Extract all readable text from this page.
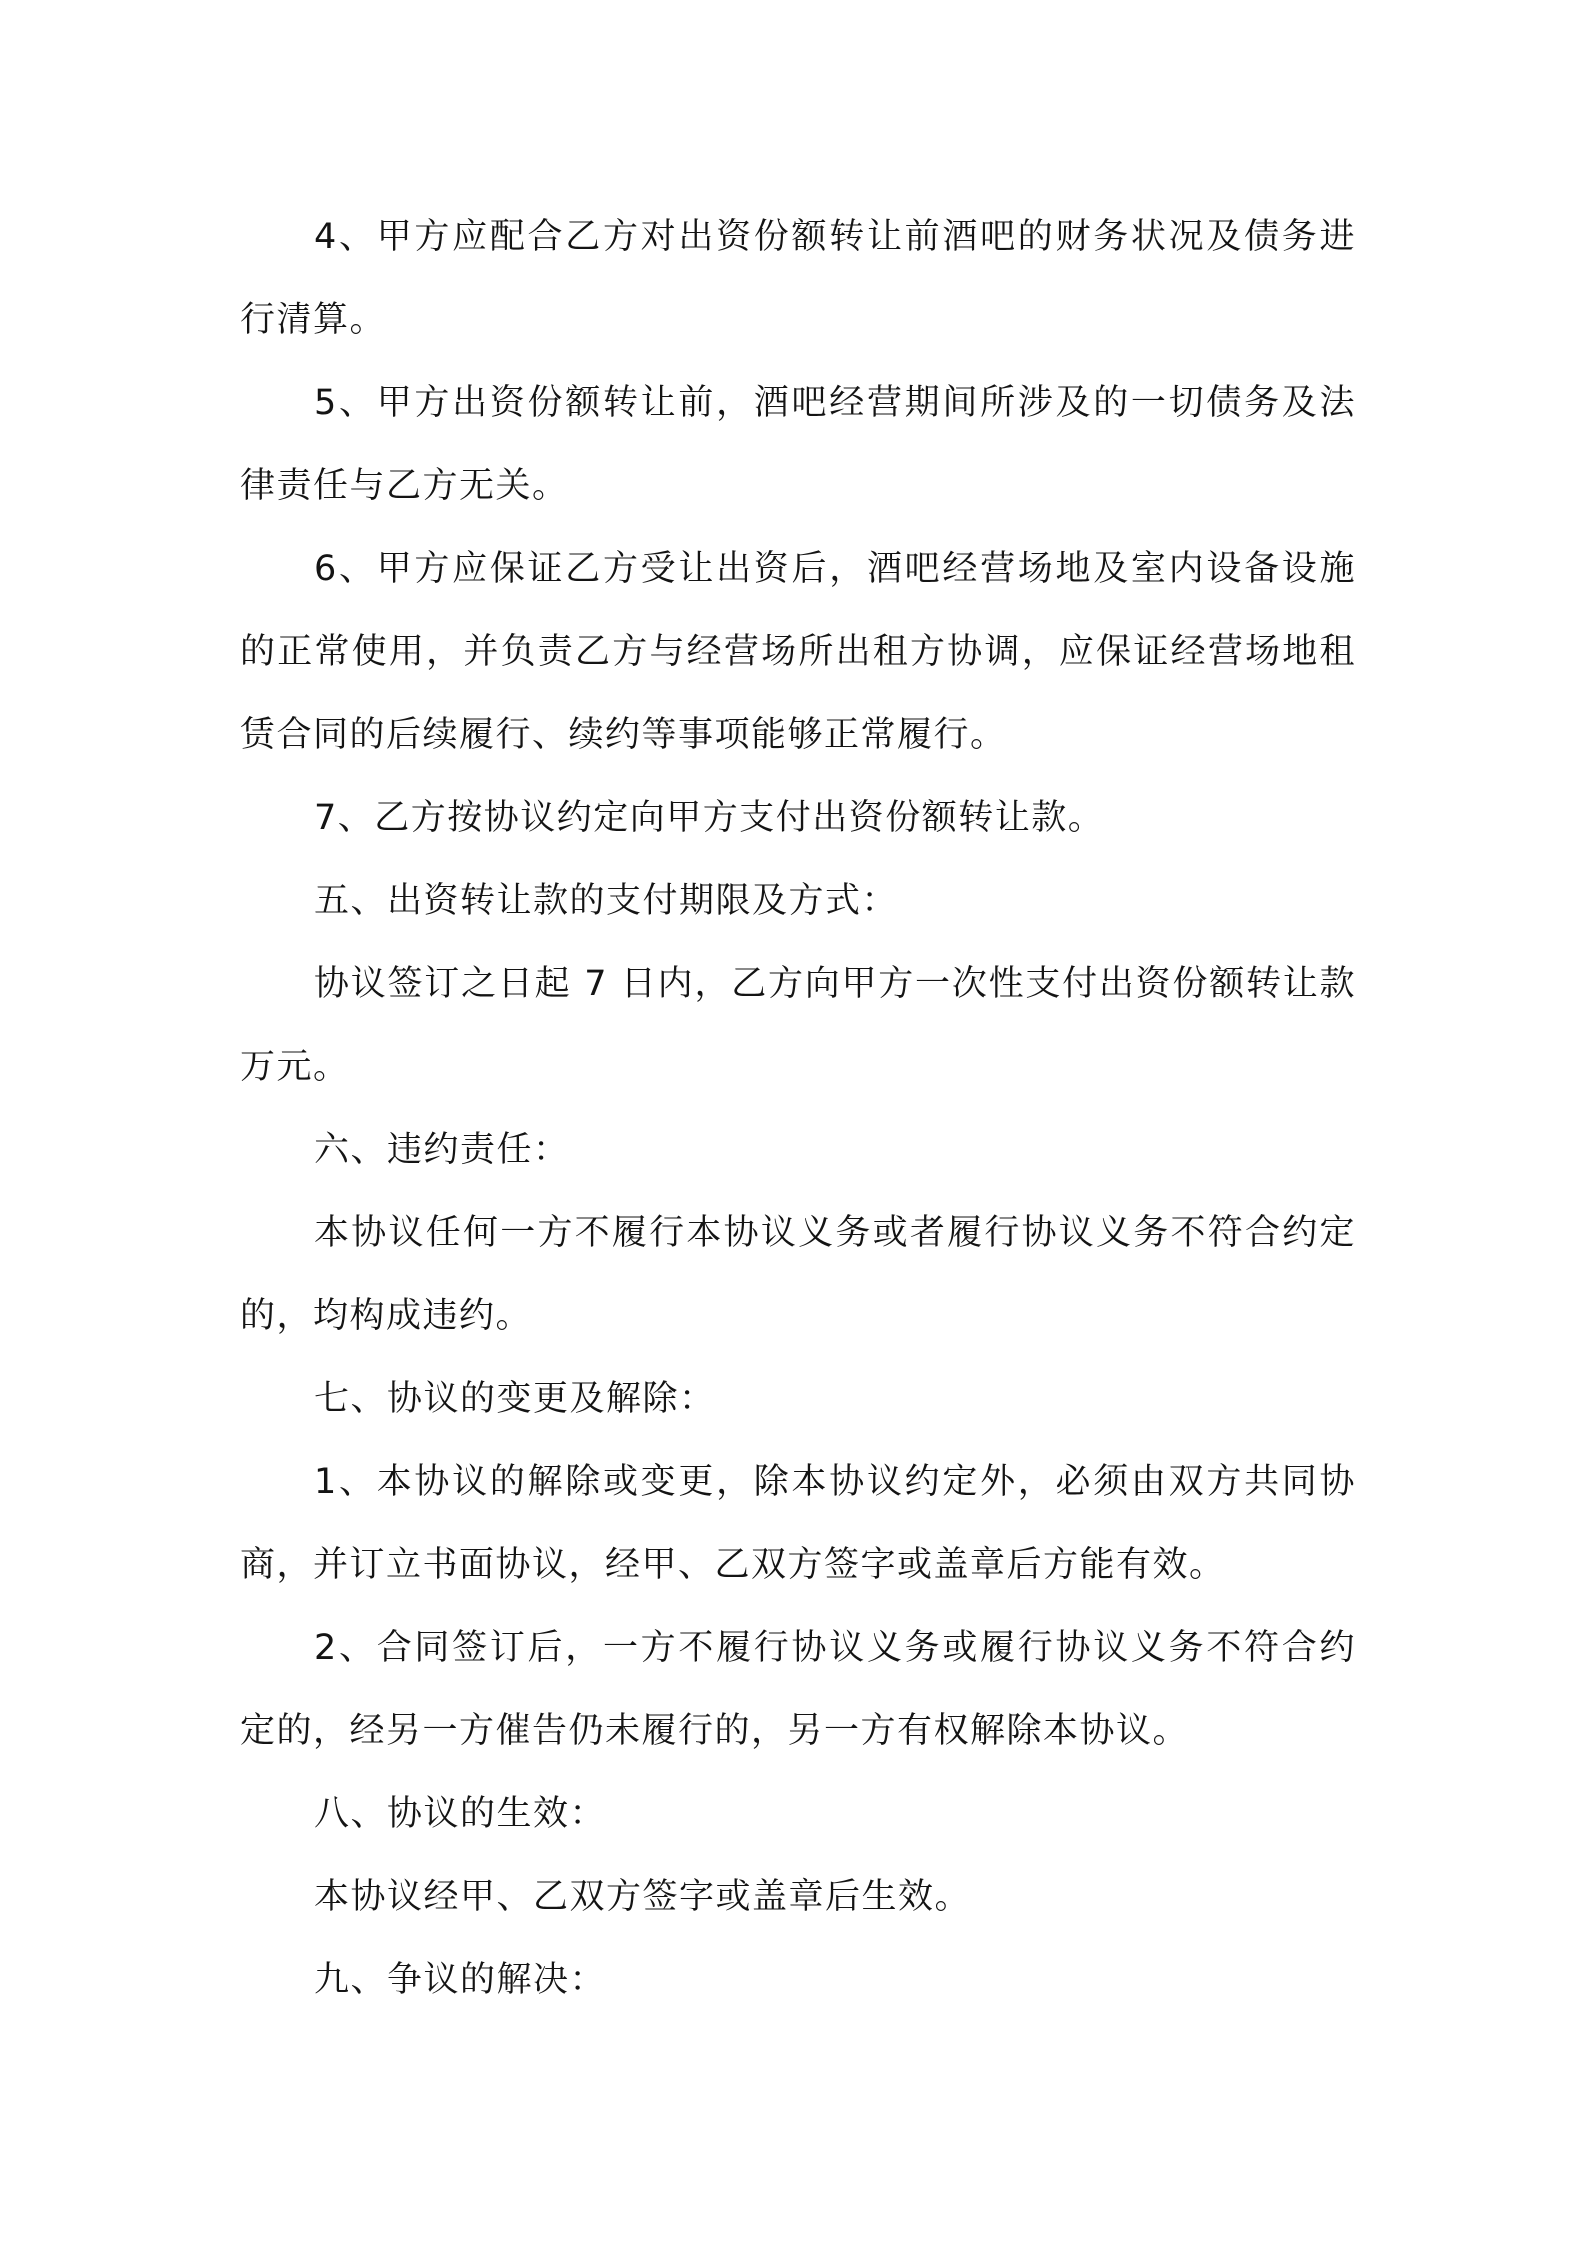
4、甲方应配合乙方对出资份额转让前酒吧的财务状况及债务进行清算。

5、甲方出资份额转让前，酒吧经营期间所涉及的一切债务及法律责任与乙方无关。

6、甲方应保证乙方受让出资后，酒吧经营场地及室内设备设施的正常使用，并负责乙方与经营场所出租方协调，应保证经营场地租赁合同的后续履行、续约等事项能够正常履行。

7、乙方按协议约定向甲方支付出资份额转让款。

五、出资转让款的支付期限及方式：

协议签订之日起 7 日内，乙方向甲方一次性支付出资份额转让款万元。

六、违约责任：

本协议任何一方不履行本协议义务或者履行协议义务不符合约定的，均构成违约。

七、协议的变更及解除：

1、本协议的解除或变更，除本协议约定外，必须由双方共同协商，并订立书面协议，经甲、乙双方签字或盖章后方能有效。

2、合同签订后，一方不履行协议义务或履行协议义务不符合约定的，经另一方催告仍未履行的，另一方有权解除本协议。

八、协议的生效：

本协议经甲、乙双方签字或盖章后生效。

九、争议的解决：
